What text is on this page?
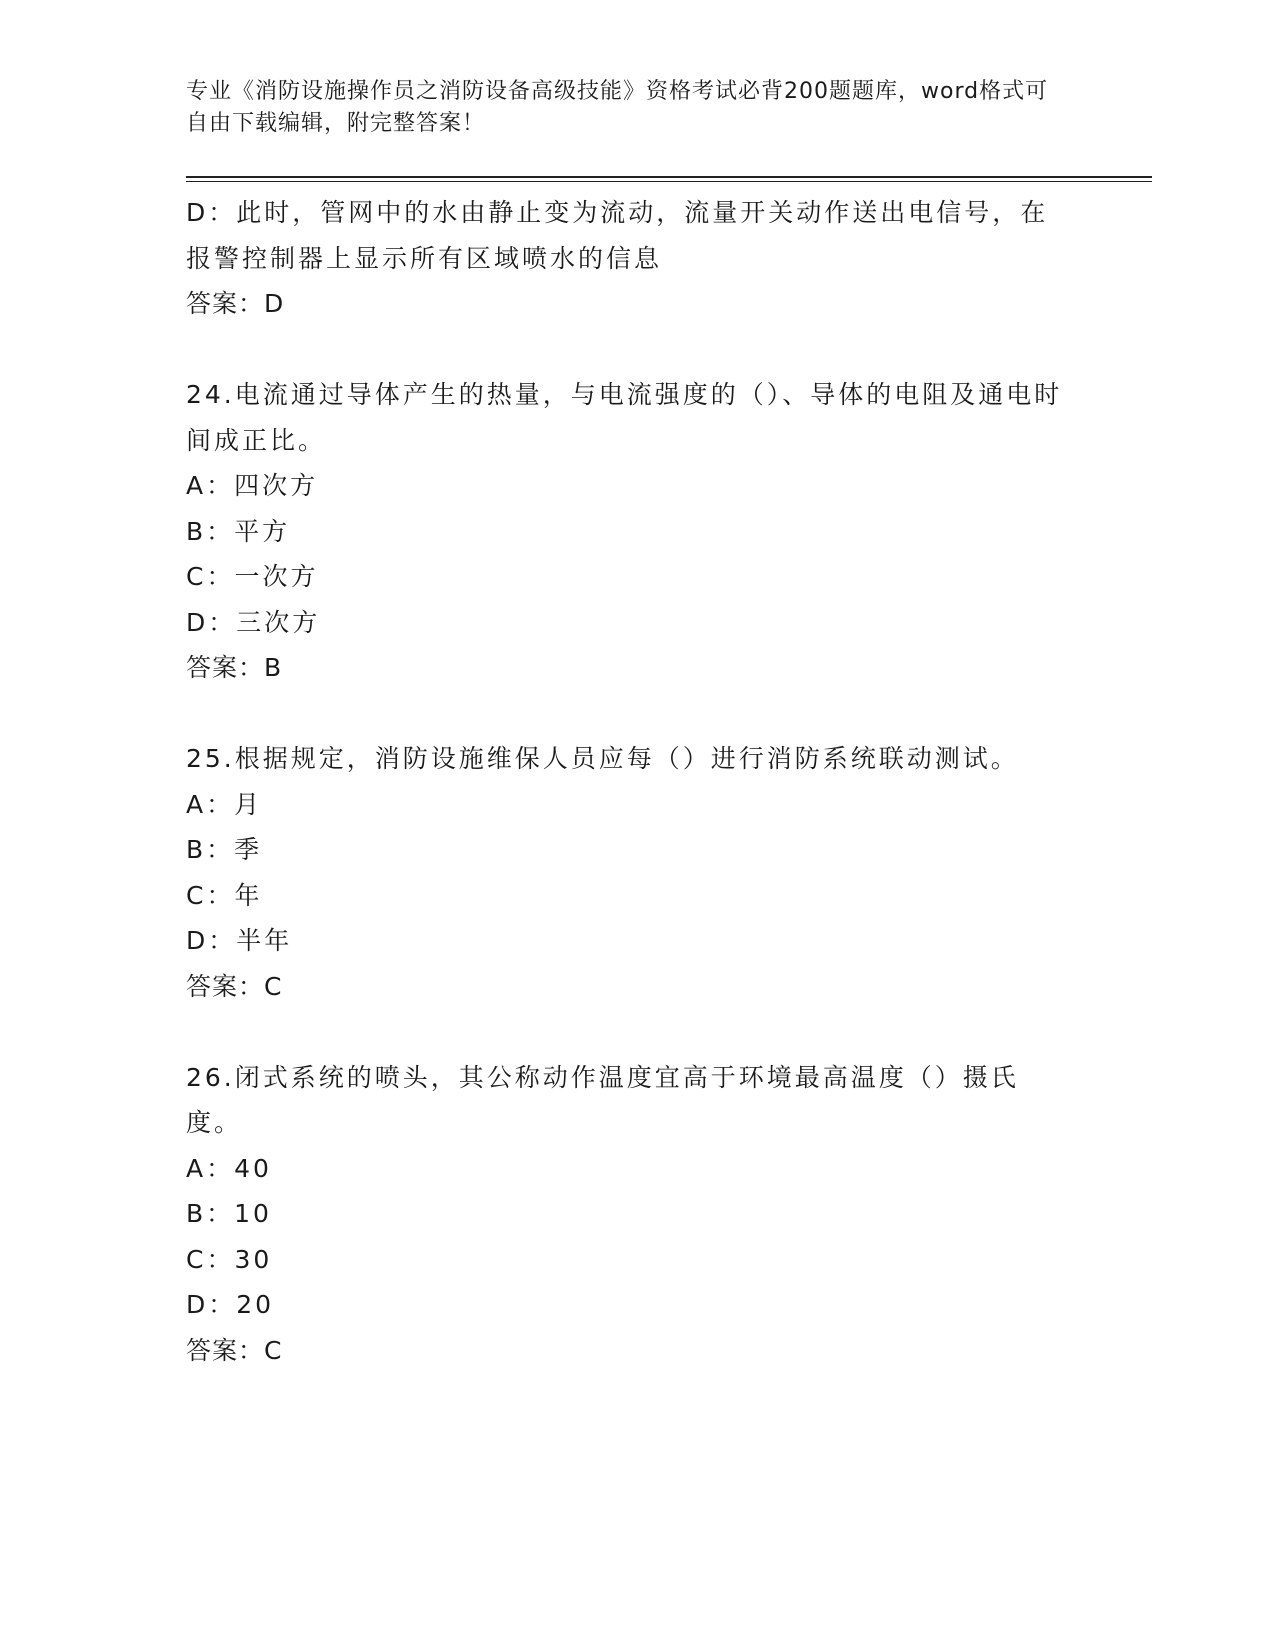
专业《消防设施操作员之消防设备高级技能》资格考试必背200题题库，word格式可自由下载编辑，附完整答案！
D：此时，管网中的水由静止变为流动，流量开关动作送出电信号，在报警控制器上显示所有区域喷水的信息
答案：D
24.电流通过导体产生的热量，与电流强度的（）、导体的电阻及通电时间成正比。
A：四次方
B：平方
C：一次方
D：三次方
答案：B
25.根据规定，消防设施维保人员应每（）进行消防系统联动测试。
A：月
B：季
C：年
D：半年
答案：C
26.闭式系统的喷头，其公称动作温度宜高于环境最高温度（）摄氏度。
A：40
B：10
C：30
D：20
答案：C
